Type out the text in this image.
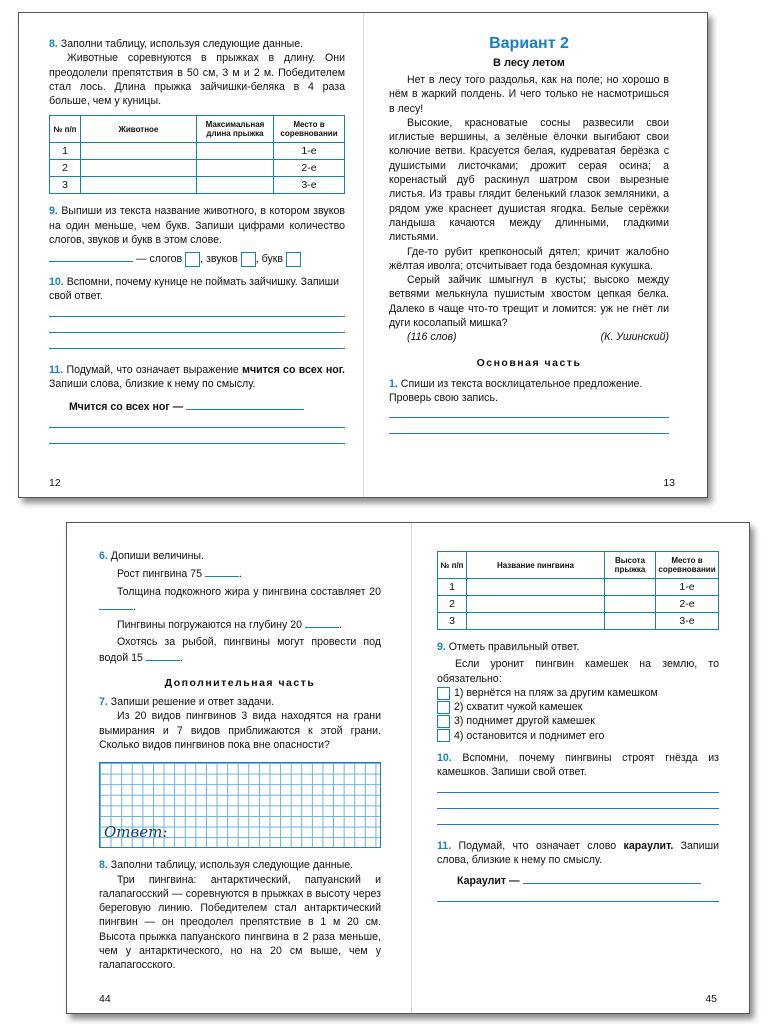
8. Заполни таблицу, используя следующие данные.

Животные соревнуются в прыжках в длину. Они преодолели препятствия в 50 см, 3 м и 2 м. Победителем стал лось. Длина прыжка зайчишки-беляка в 4 раза больше, чем у куницы.

№ п/п	Животное	Максимальная длина прыжка	Место в соревновании
1			1-е
2			2-е
3			3-е

9. Выпиши из текста название животного, в котором звуков на один меньше, чем букв. Запиши цифрами количество слогов, звуков и букв в этом слове.

— слогов , звуков , букв

10. Вспомни, почему кунице не поймать зайчишку. Запиши свой ответ.

11. Подумай, что означает выражение мчится со всех ног. Запиши слова, близкие к нему по смыслу.

Мчится со всех ног —

12
Вариант 2
В лесу летом

Нет в лесу того раздолья, как на поле; но хорошо в нём в жаркий полдень. И чего только не насмотришься в лесу!

Высокие, красноватые сосны развесили свои иглистые вершины, а зелёные ёлочки выгибают свои колючие ветви. Красуется белая, кудреватая берёзка с душистыми листочками; дрожит серая осина; а коренастый дуб раскинул шатром свои вырезные листья. Из травы глядит беленький глазок земляники, а рядом уже краснеет душистая ягодка. Белые серёжки ландыша качаются между длинными, гладкими листьями.

Где-то рубит крепконосый дятел; кричит жалобно жёлтая иволга; отсчитывает года бездомная кукушка.

Серый зайчик шмыгнул в кусты; высоко между ветвями мелькнула пушистым хвостом цепкая белка. Далеко в чаще что-то трещит и ломится: уж не гнёт ли дуги косолапый мишка?

(116 слов)	(К. Ушинский)

Основная часть

1. Спиши из текста восклицательное предложение. Проверь свою запись.

13

6. Допиши величины.

Рост пингвина 75	.

Толщина подкожного жира у пингвина составляет 20 .

Пингвины погружаются на глубину 20	.

Охотясь за рыбой, пингвины могут провести под водой 15	.

Дополнительная часть

7. Запиши решение и ответ задачи.

Из 20 видов пингвинов 3 вида находятся на грани вымирания и 7 видов приближаются к этой грани. Сколько видов пингвинов пока вне опасности?

Ответ:

8. Заполни таблицу, используя следующие данные.

Три пингвина: антарктический, папуанский и галапагосский — соревнуются в прыжках в высоту через береговую линию. Победителем стал антарктический пингвин — он преодолел препятствие в 1 м 20 см. Высота прыжка папуанского пингвина в 2 раза меньше, чем у антарктического, но на 20 см выше, чем у галапагосского.

44
№ п/п	Название пингвина	Высота прыжка	Место в соревновании
1			1-е
2			2-е
3			3-е

9. Отметь правильный ответ.

Если уронит пингвин камешек на землю, то обязательно:

1) вернётся на пляж за другим камешком

2) схватит чужой камешек

3) поднимет другой камешек

4) остановится и поднимет его

10. Вспомни, почему пингвины строят гнёзда из камешков. Запиши свой ответ.

11. Подумай, что означает слово караулит. Запиши слова, близкие к нему по смыслу.

Караулит —

45
